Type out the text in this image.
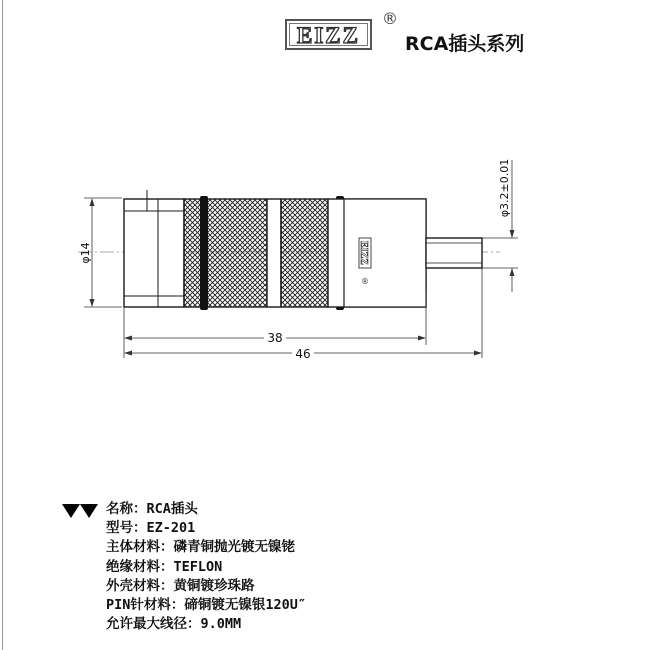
EIZZ
®
RCA插头系列
EIZZ
®
38
46
φ14
φ3.2±0.01
名称：RCA插头
型号：EZ-201
主体材料：磷青铜抛光镀无镍铑
绝缘材料：TEFLON
外壳材料：黄铜镀珍珠路
PIN针材料：碲铜镀无镍银120U″
允许最大线径：9.0MM
